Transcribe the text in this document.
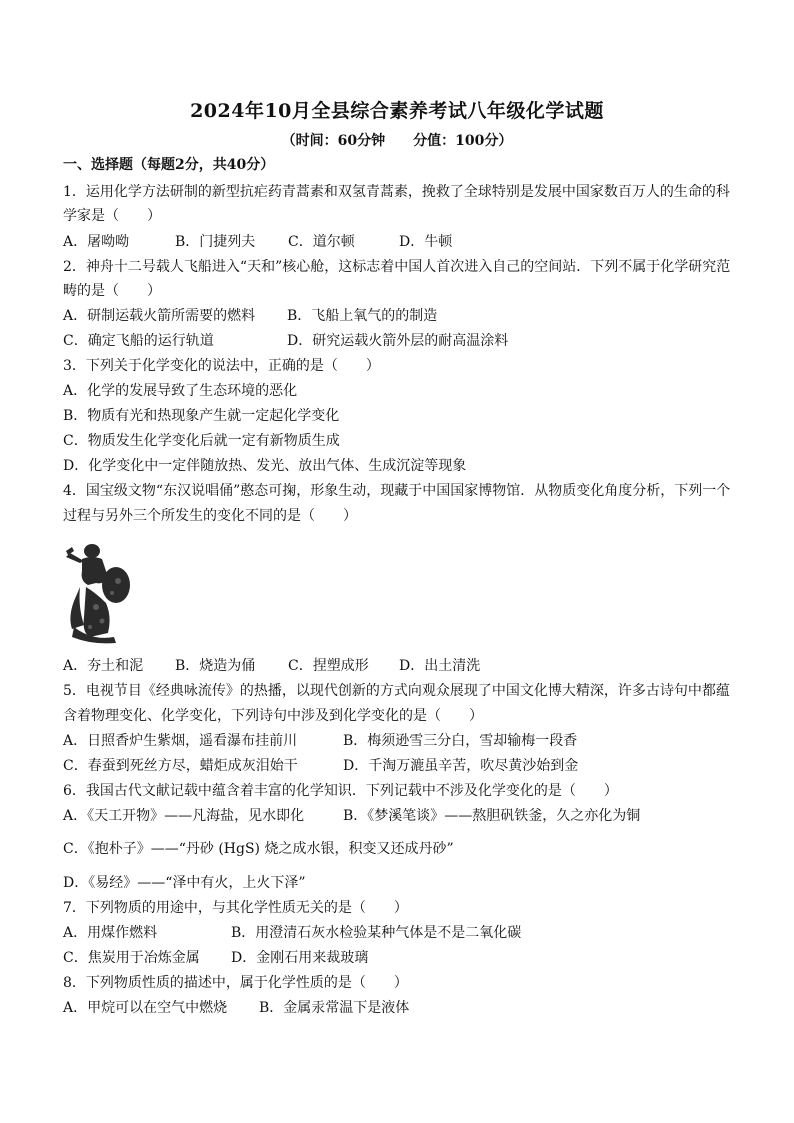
2024年10月全县综合素养考试八年级化学试题
（时间：60分钟　　分值：100分）
一、选择题（每题2分，共40分）
1．运用化学方法研制的新型抗疟药青蒿素和双氢青蒿素，挽救了全球特别是发展中国家数百万人的生命的科
学家是（　　）
A．屠呦呦	B．门捷列夫 C．道尔顿	D．牛顿
2．神舟十二号载人飞船进入“天和”核心舱，这标志着中国人首次进入自己的空间站．下列不属于化学研究范
畴的是（　　）
A．研制运载火箭所需要的燃料 B．飞船上氧气的的制造
C．确定飞船的运行轨道	D．研究运载火箭外层的耐高温涂料
3．下列关于化学变化的说法中，正确的是（　　）
A．化学的发展导致了生态环境的恶化
B．物质有光和热现象产生就一定起化学变化
C．物质发生化学变化后就一定有新物质生成
D．化学变化中一定伴随放热、发光、放出气体、生成沉淀等现象
4．国宝级文物“东汉说唱俑”憨态可掬，形象生动，现藏于中国国家博物馆．从物质变化角度分析，下列一个
过程与另外三个所发生的变化不同的是（　　）
A．夯土和泥 B．烧造为俑 C．捏塑成形 D．出土清洗
5．电视节目《经典咏流传》的热播，以现代创新的方式向观众展现了中国文化博大精深，许多古诗句中都蕴
含着物理变化、化学变化，下列诗句中涉及到化学变化的是（　　）
A．日照香炉生紫烟，遥看瀑布挂前川	B．梅须逊雪三分白，雪却输梅一段香
C．春蚕到死丝方尽，蜡炬成灰泪始干	D．千淘万漉虽辛苦，吹尽黄沙始到金
6．我国古代文献记载中蕴含着丰富的化学知识．下列记载中不涉及化学变化的是（　　）
A．《天工开物》——凡海盐，见水即化	B．《梦溪笔谈》——熬胆矾铁釜，久之亦化为铜
C．《抱朴子》——“丹砂 (HgS) 烧之成水银，积变又还成丹砂”
D．《易经》——“泽中有火，上火下泽”
7．下列物质的用途中，与其化学性质无关的是（　　）
A．用煤作燃料	B．用澄清石灰水检验某种气体是不是二氧化碳
C．焦炭用于冶炼金属 D．金刚石用来裁玻璃
8．下列物质性质的描述中，属于化学性质的是（　　）
A．甲烷可以在空气中燃烧 B．金属汞常温下是液体
